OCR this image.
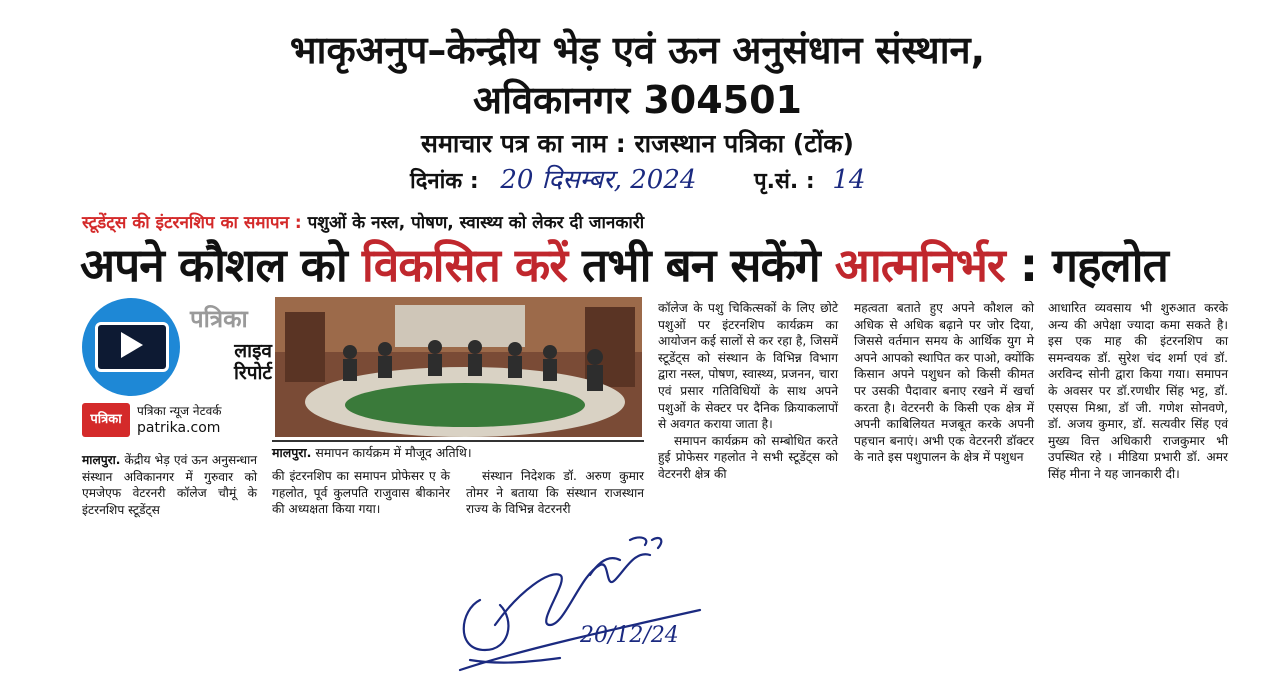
भाकृअनुप–केन्द्रीय भेड़ एवं ऊन अनुसंधान संस्थान,
अविकानगर 304501
समाचार पत्र का नाम : राजस्थान पत्रिका (टोंक)
दिनांक : 20 दिसम्बर, 2024	पृ.सं. : 14
स्टूडेंट्स की इंटरनशिप का समापन : पशुओं के नस्ल, पोषण, स्वास्थ्य को लेकर दी जानकारी
अपने कौशल को विकसित करें तभी बन सकेंगे आत्मनिर्भर : गहलोत
पत्रिका
लाइव
रिपोर्ट
पत्रिका
पत्रिका न्यूज नेटवर्क
patrika.com
मालपुरा. समापन कार्यक्रम में मौजूद अतिथि।
मालपुरा. केंद्रीय भेड़ एवं ऊन अनुसन्धान संस्थान अविकानगर में गुरुवार को एमजेएफ वेटरनरी कॉलेज चौमूं के इंटरनशिप स्टूडेंट्स
की इंटरनशिप का समापन प्रोफेसर ए के गहलोत, पूर्व कुलपति राजुवास बीकानेर की अध्यक्षता किया गया।
संस्थान निदेशक डॉ. अरुण कुमार तोमर ने बताया कि संस्थान राजस्थान राज्य के विभिन्न वेटरनरी
कॉलेज के पशु चिकित्सकों के लिए छोटे पशुओं पर इंटरनशिप कार्यक्रम का आयोजन कई सालों से कर रहा है, जिसमें स्टूडेंट्स को संस्थान के विभिन्न विभाग द्वारा नस्ल, पोषण, स्वास्थ्य, प्रजनन, चारा एवं प्रसार गतिविधियों के साथ अपने पशुओं के सेक्टर पर दैनिक क्रियाकलापों से अवगत कराया जाता है।
समापन कार्यक्रम को सम्बोधित करते हुई प्रोफेसर गहलोत ने सभी स्टूडेंट्स को वेटरनरी क्षेत्र की
महत्वता बताते हुए अपने कौशल को अधिक से अधिक बढ़ाने पर जोर दिया, जिससे वर्तमान समय के आर्थिक युग मे अपने आपको स्थापित कर पाओ, क्योंकि किसान अपने पशुधन को किसी कीमत पर उसकी पैदावार बनाए रखने में खर्चा करता है। वेटरनरी के किसी एक क्षेत्र में अपनी काबिलियत मजबूत करके अपनी पहचान बनाएं। अभी एक वेटरनरी डॉक्टर के नाते इस पशुपालन के क्षेत्र में पशुधन
आधारित व्यवसाय भी शुरुआत करके अन्य की अपेक्षा ज्यादा कमा सकते है। इस एक माह की इंटरनशिप का समन्वयक डॉ. सुरेश चंद शर्मा एवं डॉ. अरविन्द सोनी द्वारा किया गया। समापन के अवसर पर डॉ.रणधीर सिंह भट्ट, डॉ. एसएस मिश्रा, डॉ जी. गणेश सोनवणे, डॉ. अजय कुमार, डॉ. सत्यवीर सिंह एवं मुख्य वित्त अधिकारी राजकुमार भी उपस्थित रहे । मीडिया प्रभारी डॉ. अमर सिंह मीना ने यह जानकारी दी।
20/12/24
